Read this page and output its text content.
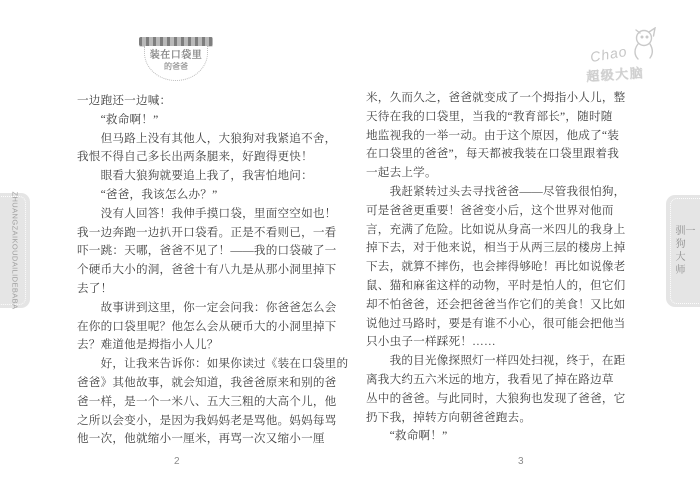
装在口袋里
的爸爸
Chao
超级大脑
ZHUANGZAIKOUDAILIDEBABA	一
驯狗大师
一边跑还一边喊：
　　“救命啊！”
　　但马路上没有其他人，大狼狗对我紧追不舍，
我恨不得自己多长出两条腿来，好跑得更快！
　　眼看大狼狗就要追上我了，我害怕地问：
　　“爸爸，我该怎么办？”
　　没有人回答！我伸手摸口袋，里面空空如也！
我一边奔跑一边扒开口袋看。正是不看则已，一看
吓一跳：天哪，爸爸不见了！——我的口袋破了一
个硬币大小的洞，爸爸十有八九是从那小洞里掉下
去了！
　　故事讲到这里，你一定会问我：你爸爸怎么会
在你的口袋里呢？他怎么会从硬币大的小洞里掉下
去？难道他是拇指小人儿？
　　好，让我来告诉你：如果你读过《装在口袋里的
爸爸》其他故事，就会知道，我爸爸原来和别的爸
爸一样，是一个一米八、五大三粗的大高个儿，他
之所以会变小，是因为我妈妈老是骂他。妈妈每骂
他一次，他就缩小一厘米，再骂一次又缩小一厘
米，久而久之，爸爸就变成了一个拇指小人儿，整
天待在我的口袋里，当我的“教育部长”，随时随
地监视我的一举一动。由于这个原因，他成了“装
在口袋里的爸爸”，每天都被我装在口袋里跟着我
一起去上学。
　　我赶紧转过头去寻找爸爸——尽管我很怕狗，
可是爸爸更重要！爸爸变小后，这个世界对他而
言，充满了危险。比如说从身高一米四儿的我身上
掉下去，对于他来说，相当于从两三层的楼房上掉
下去，就算不摔伤，也会摔得够呛！再比如说像老
鼠、猫和麻雀这样的动物，平时是怕人的，但它们
却不怕爸爸，还会把爸爸当作它们的美食！又比如
说他过马路时，要是有谁不小心，很可能会把他当
只小虫子一样踩死！……
　　我的目光像探照灯一样四处扫视，终于，在距
离我大约五六米远的地方，我看见了掉在路边草
丛中的爸爸。与此同时，大狼狗也发现了爸爸，它
扔下我，掉转方向朝爸爸跑去。
　　“救命啊！”
2	3
